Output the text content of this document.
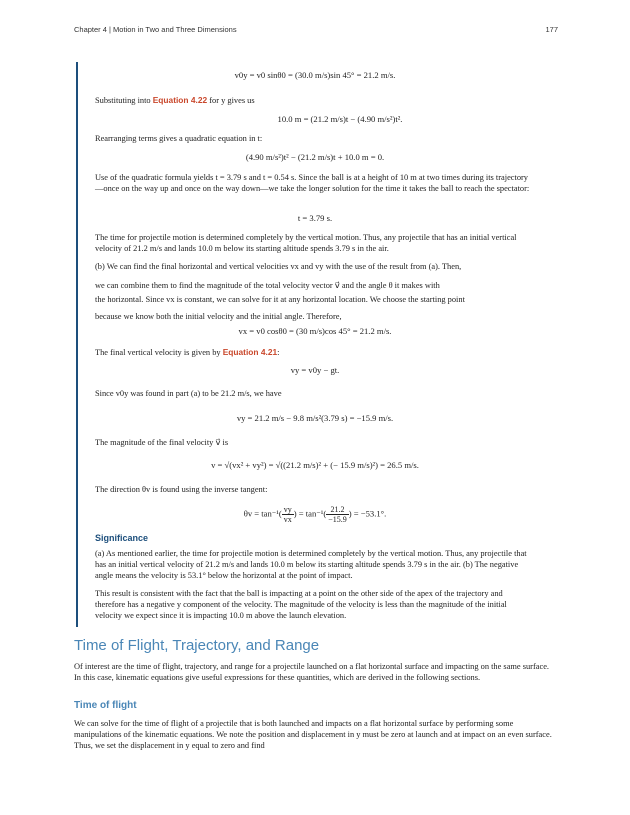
Chapter 4 | Motion in Two and Three Dimensions	177
v0y = v0 sinθ0 = (30.0 m/s)sin 45° = 21.2 m/s.
Substituting into Equation 4.22 for y gives us
10.0 m = (21.2 m/s)t − (4.90 m/s²)t².
Rearranging terms gives a quadratic equation in t:
(4.90 m/s²)t² − (21.2 m/s)t + 10.0 m = 0.
Use of the quadratic formula yields t = 3.79 s and t = 0.54 s. Since the ball is at a height of 10 m at two times during its trajectory—once on the way up and once on the way down—we take the longer solution for the time it takes the ball to reach the spectator:
t = 3.79 s.
The time for projectile motion is determined completely by the vertical motion. Thus, any projectile that has an initial vertical velocity of 21.2 m/s and lands 10.0 m below its starting altitude spends 3.79 s in the air.
(b) We can find the final horizontal and vertical velocities vx and vy with the use of the result from (a). Then,
we can combine them to find the magnitude of the total velocity vector v⃗ and the angle θ it makes with
the horizontal. Since vx is constant, we can solve for it at any horizontal location. We choose the starting point
because we know both the initial velocity and the initial angle. Therefore,
vx = v0 cosθ0 = (30 m/s)cos 45° = 21.2 m/s.
The final vertical velocity is given by Equation 4.21:
vy = v0y − gt.
Since v0y was found in part (a) to be 21.2 m/s, we have
vy = 21.2 m/s − 9.8 m/s²(3.79 s) = −15.9 m/s.
The magnitude of the final velocity v⃗ is
v = √(vx² + vy²) = √((21.2 m/s)² + (− 15.9 m/s)²) = 26.5 m/s.
The direction θv is found using the inverse tangent:
$\theta v = \tan^{-1}( \frac{vy}{vx}$ ) = $\tan^{-1}( \frac{21.2}{-15.9}$ ) = −53.1°.
Significance
(a) As mentioned earlier, the time for projectile motion is determined completely by the vertical motion. Thus, any projectile that has an initial vertical velocity of 21.2 m/s and lands 10.0 m below its starting altitude spends 3.79 s in the air. (b) The negative angle means the velocity is 53.1° below the horizontal at the point of impact.
This result is consistent with the fact that the ball is impacting at a point on the other side of the apex of the trajectory and therefore has a negative y component of the velocity. The magnitude of the velocity is less than the magnitude of the initial velocity we expect since it is impacting 10.0 m above the launch elevation.
Time of Flight, Trajectory, and Range
Of interest are the time of flight, trajectory, and range for a projectile launched on a flat horizontal surface and impacting on the same surface. In this case, kinematic equations give useful expressions for these quantities, which are derived in the following sections.
Time of flight
We can solve for the time of flight of a projectile that is both launched and impacts on a flat horizontal surface by performing some manipulations of the kinematic equations. We note the position and displacement in y must be zero at launch and at impact on an even surface. Thus, we set the displacement in y equal to zero and find
